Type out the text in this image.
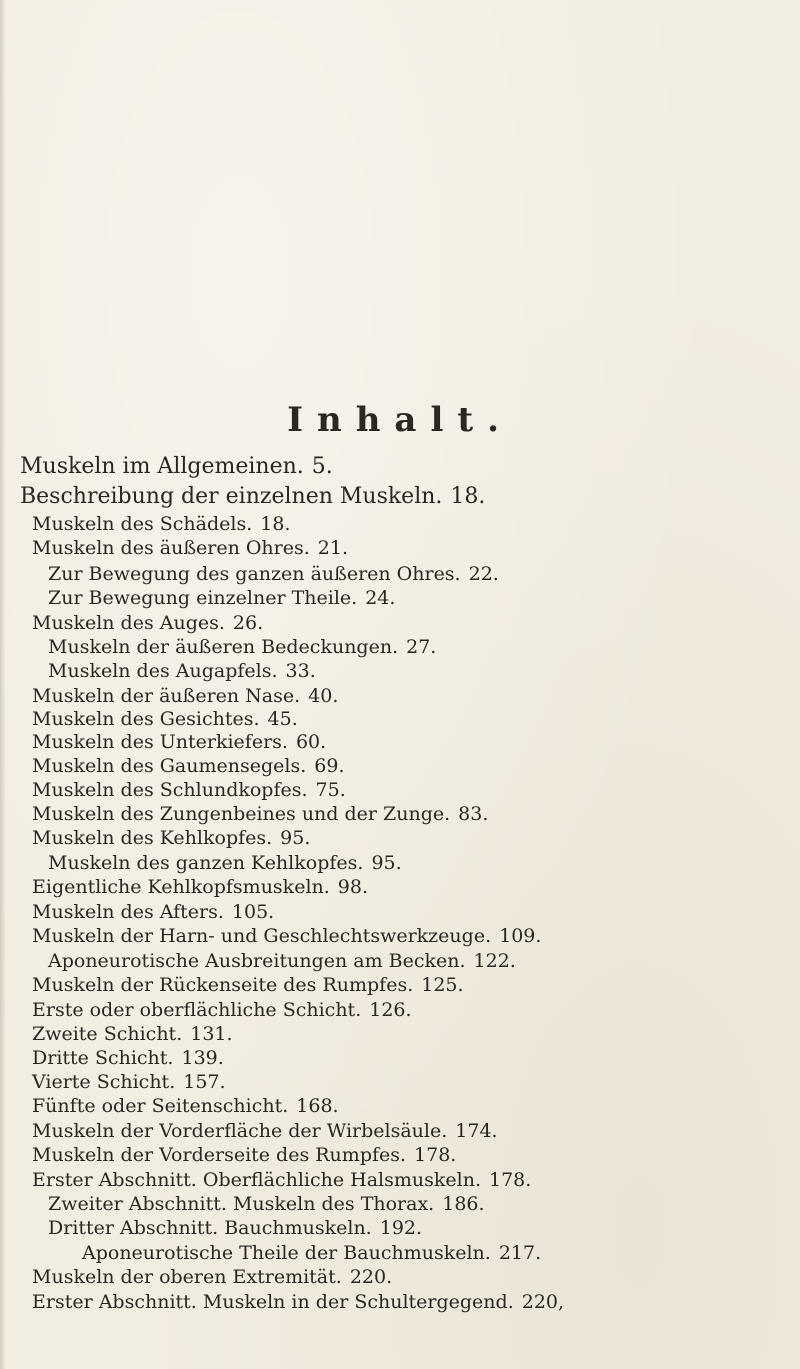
Inhalt.
Muskeln im Allgemeinen. 5.
Beschreibung der einzelnen Muskeln. 18.
Muskeln des Schädels. 18.
Muskeln des äußeren Ohres. 21.
Zur Bewegung des ganzen äußeren Ohres. 22.
Zur Bewegung einzelner Theile. 24.
Muskeln des Auges. 26.
Muskeln der äußeren Bedeckungen. 27.
Muskeln des Augapfels. 33.
Muskeln der äußeren Nase. 40.
Muskeln des Gesichtes. 45.
Muskeln des Unterkiefers. 60.
Muskeln des Gaumensegels. 69.
Muskeln des Schlundkopfes. 75.
Muskeln des Zungenbeines und der Zunge. 83.
Muskeln des Kehlkopfes. 95.
Muskeln des ganzen Kehlkopfes. 95.
Eigentliche Kehlkopfsmuskeln. 98.
Muskeln des Afters. 105.
Muskeln der Harn- und Geschlechtswerkzeuge. 109.
Aponeurotische Ausbreitungen am Becken. 122.
Muskeln der Rückenseite des Rumpfes. 125.
Erste oder oberflächliche Schicht. 126.
Zweite Schicht. 131.
Dritte Schicht. 139.
Vierte Schicht. 157.
Fünfte oder Seitenschicht. 168.
Muskeln der Vorderfläche der Wirbelsäule. 174.
Muskeln der Vorderseite des Rumpfes. 178.
Erster Abschnitt. Oberflächliche Halsmuskeln. 178.
Zweiter Abschnitt. Muskeln des Thorax. 186.
Dritter Abschnitt. Bauchmuskeln. 192.
Aponeurotische Theile der Bauchmuskeln. 217.
Muskeln der oberen Extremität. 220.
Erster Abschnitt. Muskeln in der Schultergegend. 220,
